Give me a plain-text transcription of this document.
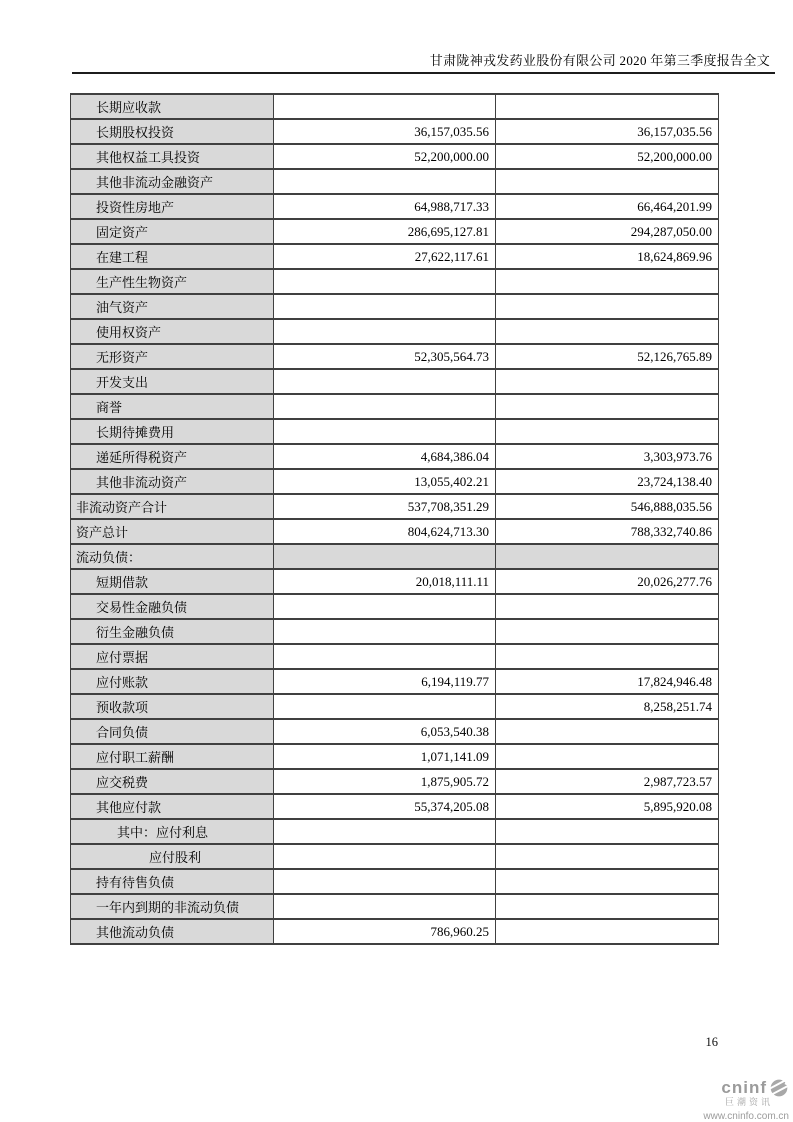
甘肃陇神戎发药业股份有限公司 2020 年第三季度报告全文
长期应收款		
长期股权投资	36,157,035.56	36,157,035.56
其他权益工具投资	52,200,000.00	52,200,000.00
其他非流动金融资产		
投资性房地产	64,988,717.33	66,464,201.99
固定资产	286,695,127.81	294,287,050.00
在建工程	27,622,117.61	18,624,869.96
生产性生物资产		
油气资产		
使用权资产		
无形资产	52,305,564.73	52,126,765.89
开发支出		
商誉		
长期待摊费用		
递延所得税资产	4,684,386.04	3,303,973.76
其他非流动资产	13,055,402.21	23,724,138.40
非流动资产合计	537,708,351.29	546,888,035.56
资产总计	804,624,713.30	788,332,740.86
流动负债：		
短期借款	20,018,111.11	20,026,277.76
交易性金融负债		
衍生金融负债		
应付票据		
应付账款	6,194,119.77	17,824,946.48
预收款项		8,258,251.74
合同负债	6,053,540.38	
应付职工薪酬	1,071,141.09	
应交税费	1,875,905.72	2,987,723.57
其他应付款	55,374,205.08	5,895,920.08
其中：应付利息		
应付股利		
持有待售负债		
一年内到期的非流动负债		
其他流动负债	786,960.25	
16
cninf
巨潮资讯
www.cninfo.com.cn
